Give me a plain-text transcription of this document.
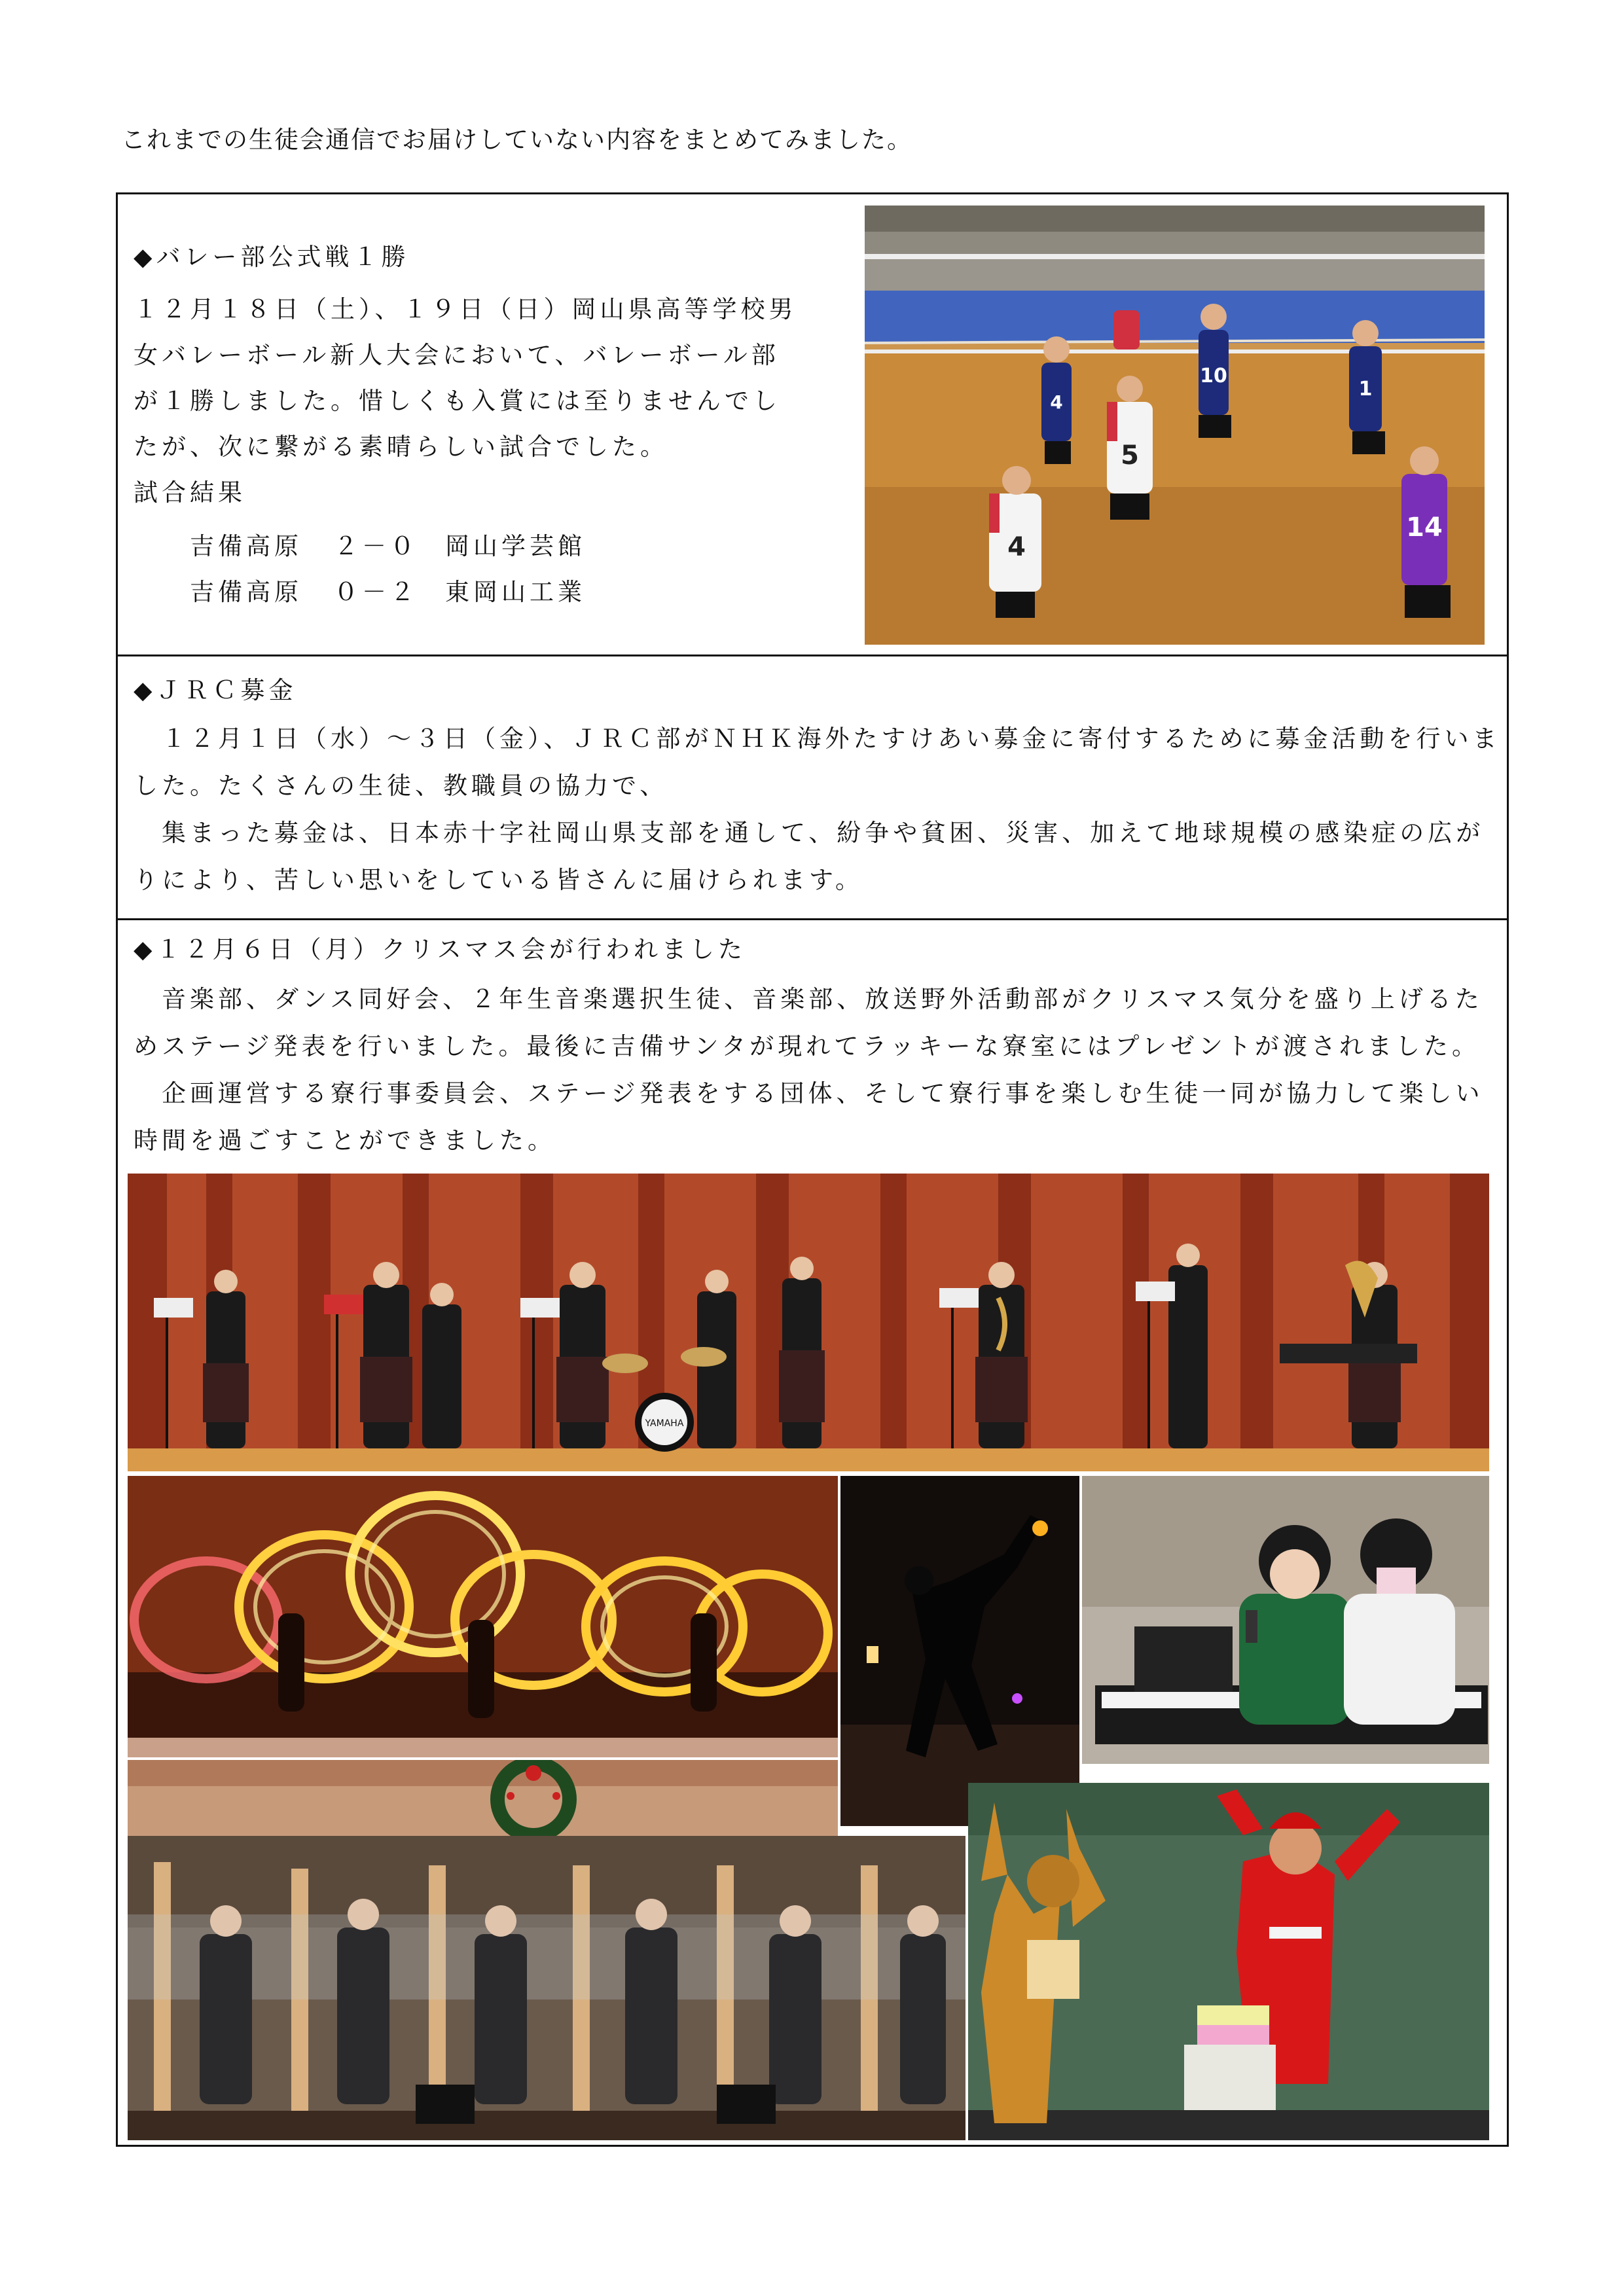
これまでの生徒会通信でお届けしていない内容をまとめてみました。
◆バレー部公式戦１勝
１２月１８日（土）、１９日（日）岡山県高等学校男
女バレーボール新人大会において、バレーボール部
が１勝しました。惜しくも入賞には至りませんでし
たが、次に繋がる素晴らしい試合でした。
試合結果
吉備高原 ２－０ 岡山学芸館
吉備高原 ０－２ 東岡山工業
4
10
1
5
4
14
◆ＪＲＣ募金
　１２月１日（水）～３日（金）、ＪＲＣ部がＮＨＫ海外たすけあい募金に寄付するために募金活動を行いま
した。たくさんの生徒、教職員の協力で、
　集まった募金は、日本赤十字社岡山県支部を通して、紛争や貧困、災害、加えて地球規模の感染症の広が
りにより、苦しい思いをしている皆さんに届けられます。
◆１２月６日（月）クリスマス会が行われました
　音楽部、ダンス同好会、２年生音楽選択生徒、音楽部、放送野外活動部がクリスマス気分を盛り上げるた
めステージ発表を行いました。最後に吉備サンタが現れてラッキーな寮室にはプレゼントが渡されました。
　企画運営する寮行事委員会、ステージ発表をする団体、そして寮行事を楽しむ生徒一同が協力して楽しい
時間を過ごすことができました。
YAMAHA
